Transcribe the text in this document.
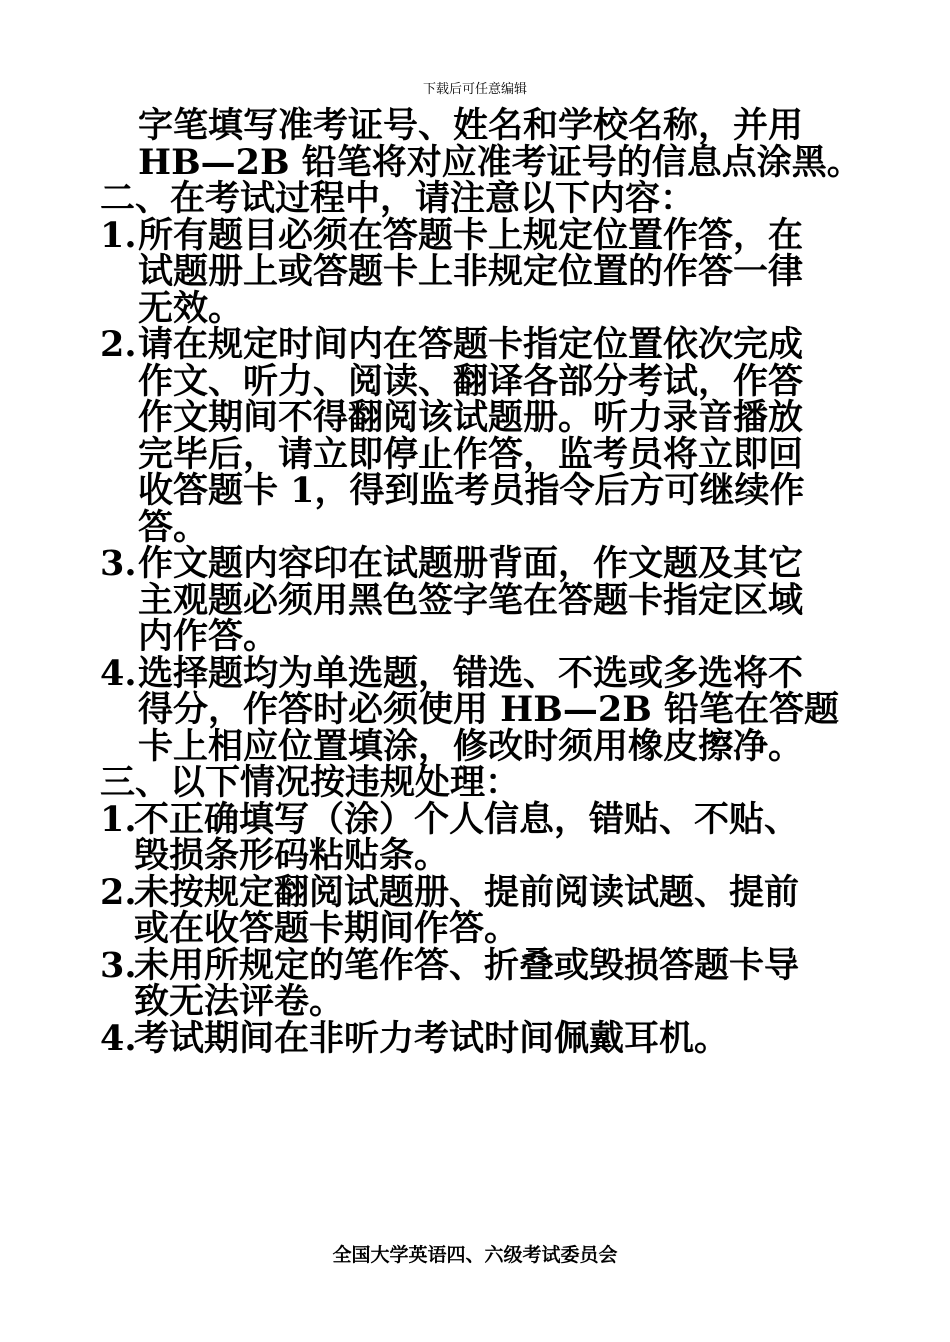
下载后可任意编辑
字笔填写准考证号、姓名和学校名称，并用
HB—2B 铅笔将对应准考证号的信息点涂黑。
二、在考试过程中，请注意以下内容：
1. 所有题目必须在答题卡上规定位置作答，在
试题册上或答题卡上非规定位置的作答一律
无效。
2. 请在规定时间内在答题卡指定位置依次完成
作文、听力、阅读、翻译各部分考试，作答
作文期间不得翻阅该试题册。听力录音播放
完毕后，请立即停止作答，监考员将立即回
收答题卡 1，得到监考员指令后方可继续作
答。
3. 作文题内容印在试题册背面，作文题及其它
主观题必须用黑色签字笔在答题卡指定区域
内作答。
4. 选择题均为单选题，错选、不选或多选将不
得分，作答时必须使用 HB—2B 铅笔在答题
卡上相应位置填涂，修改时须用橡皮擦净。
三、以下情况按违规处理：
1.
不正确填写（涂）个人信息，错贴、不贴、
毁损条形码粘贴条。
2.
未按规定翻阅试题册、提前阅读试题、提前
或在收答题卡期间作答。
3.
未用所规定的笔作答、折叠或毁损答题卡导
致无法评卷。
4.
考试期间在非听力考试时间佩戴耳机。
全国大学英语四、六级考试委员会
